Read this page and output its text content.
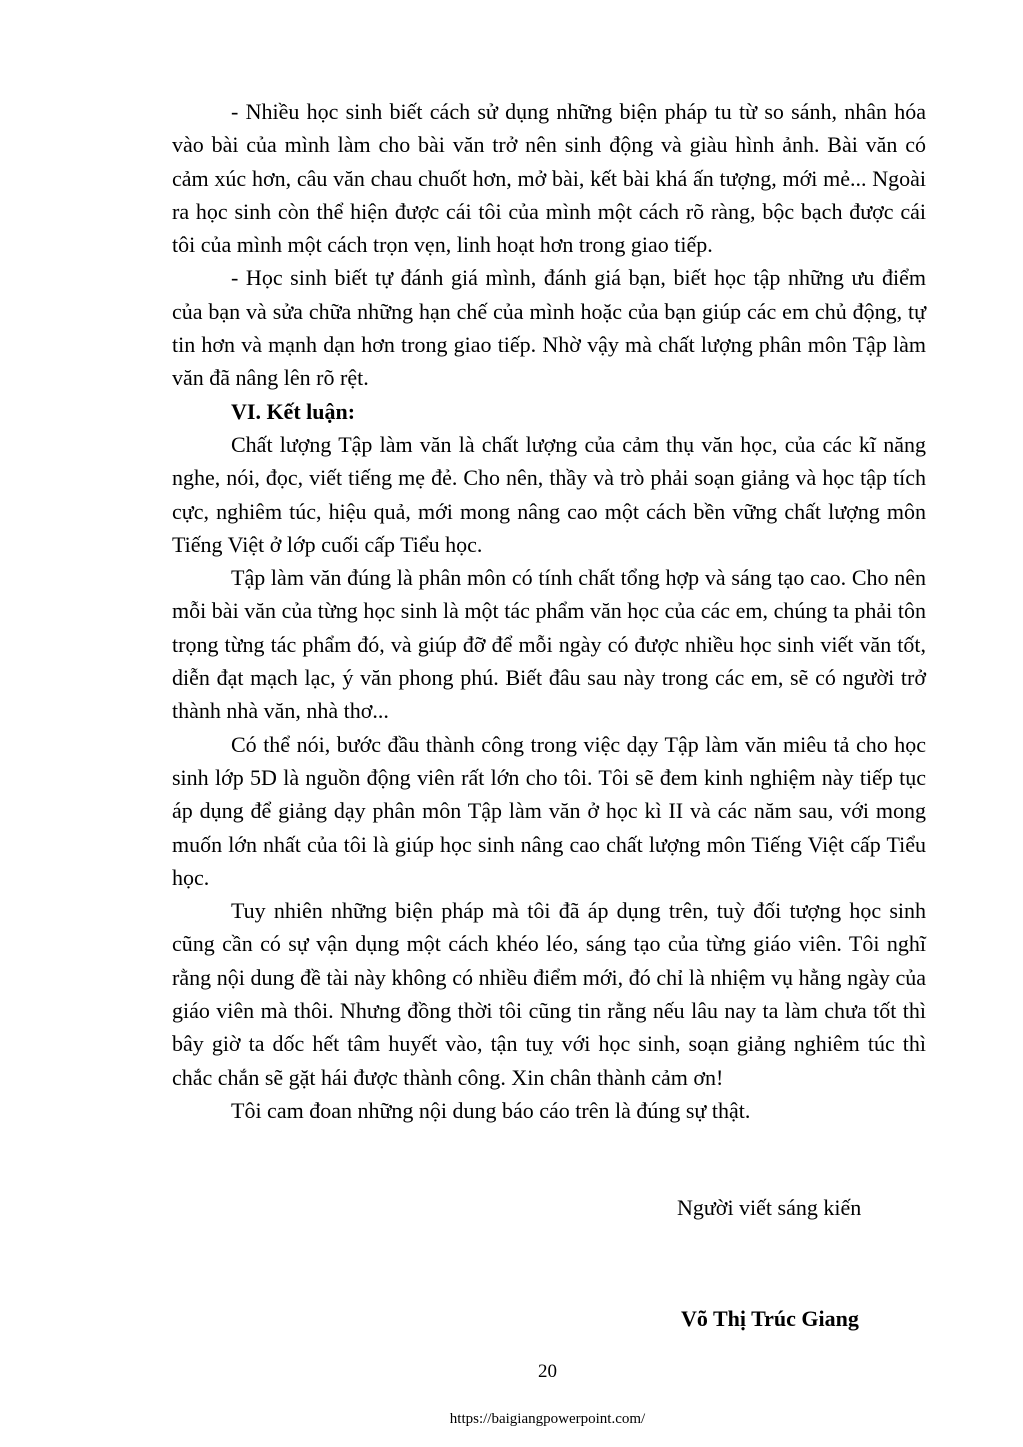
- Nhiều học sinh biết cách sử dụng những biện pháp tu từ so sánh, nhân hóa vào bài của mình làm cho bài văn trở nên sinh động và giàu hình ảnh. Bài văn có cảm xúc hơn, câu văn chau chuốt hơn, mở bài, kết bài khá ấn tượng, mới mẻ... Ngoài ra học sinh còn thể hiện được cái tôi của mình một cách rõ ràng, bộc bạch được cái tôi của mình một cách trọn vẹn, linh hoạt hơn trong giao tiếp.

- Học sinh biết tự đánh giá mình, đánh giá bạn, biết học tập những ưu điểm của bạn và sửa chữa những hạn chế của mình hoặc của bạn giúp các em chủ động, tự tin hơn và mạnh dạn hơn trong giao tiếp. Nhờ vậy mà chất lượng phân môn Tập làm văn đã nâng lên rõ rệt.

VI. Kết luận:

Chất lượng Tập làm văn là chất lượng của cảm thụ văn học, của các kĩ năng nghe, nói, đọc, viết tiếng mẹ đẻ. Cho nên, thầy và trò phải soạn giảng và học tập tích cực, nghiêm túc, hiệu quả, mới mong nâng cao một cách bền vững chất lượng môn Tiếng Việt ở lớp cuối cấp Tiểu học.

Tập làm văn đúng là phân môn có tính chất tổng hợp và sáng tạo cao. Cho nên mỗi bài văn của từng học sinh là một tác phẩm văn học của các em, chúng ta phải tôn trọng từng tác phẩm đó, và giúp đỡ để mỗi ngày có được nhiều học sinh viết văn tốt, diễn đạt mạch lạc, ý văn phong phú. Biết đâu sau này trong các em, sẽ có người trở thành nhà văn, nhà thơ...

Có thể nói, bước đầu thành công trong việc dạy Tập làm văn miêu tả cho học sinh lớp 5D là nguồn động viên rất lớn cho tôi. Tôi sẽ đem kinh nghiệm này tiếp tục áp dụng để giảng dạy phân môn Tập làm văn ở học kì II và các năm sau, với mong muốn lớn nhất của tôi là giúp học sinh nâng cao chất lượng môn Tiếng Việt cấp Tiểu học.

Tuy nhiên những biện pháp mà tôi đã áp dụng trên, tuỳ đối tượng học sinh cũng cần có sự vận dụng một cách khéo léo, sáng tạo của từng giáo viên. Tôi nghĩ rằng nội dung đề tài này không có nhiều điểm mới, đó chỉ là nhiệm vụ hằng ngày của giáo viên mà thôi. Nhưng đồng thời tôi cũng tin rằng nếu lâu nay ta làm chưa tốt thì bây giờ ta dốc hết tâm huyết vào, tận tuỵ với học sinh, soạn giảng nghiêm túc thì chắc chắn sẽ gặt hái được thành công. Xin chân thành cảm ơn!

Tôi cam đoan những nội dung báo cáo trên là đúng sự thật.

Người viết sáng kiến
Võ Thị Trúc Giang
20
https://baigiangpowerpoint.com/
